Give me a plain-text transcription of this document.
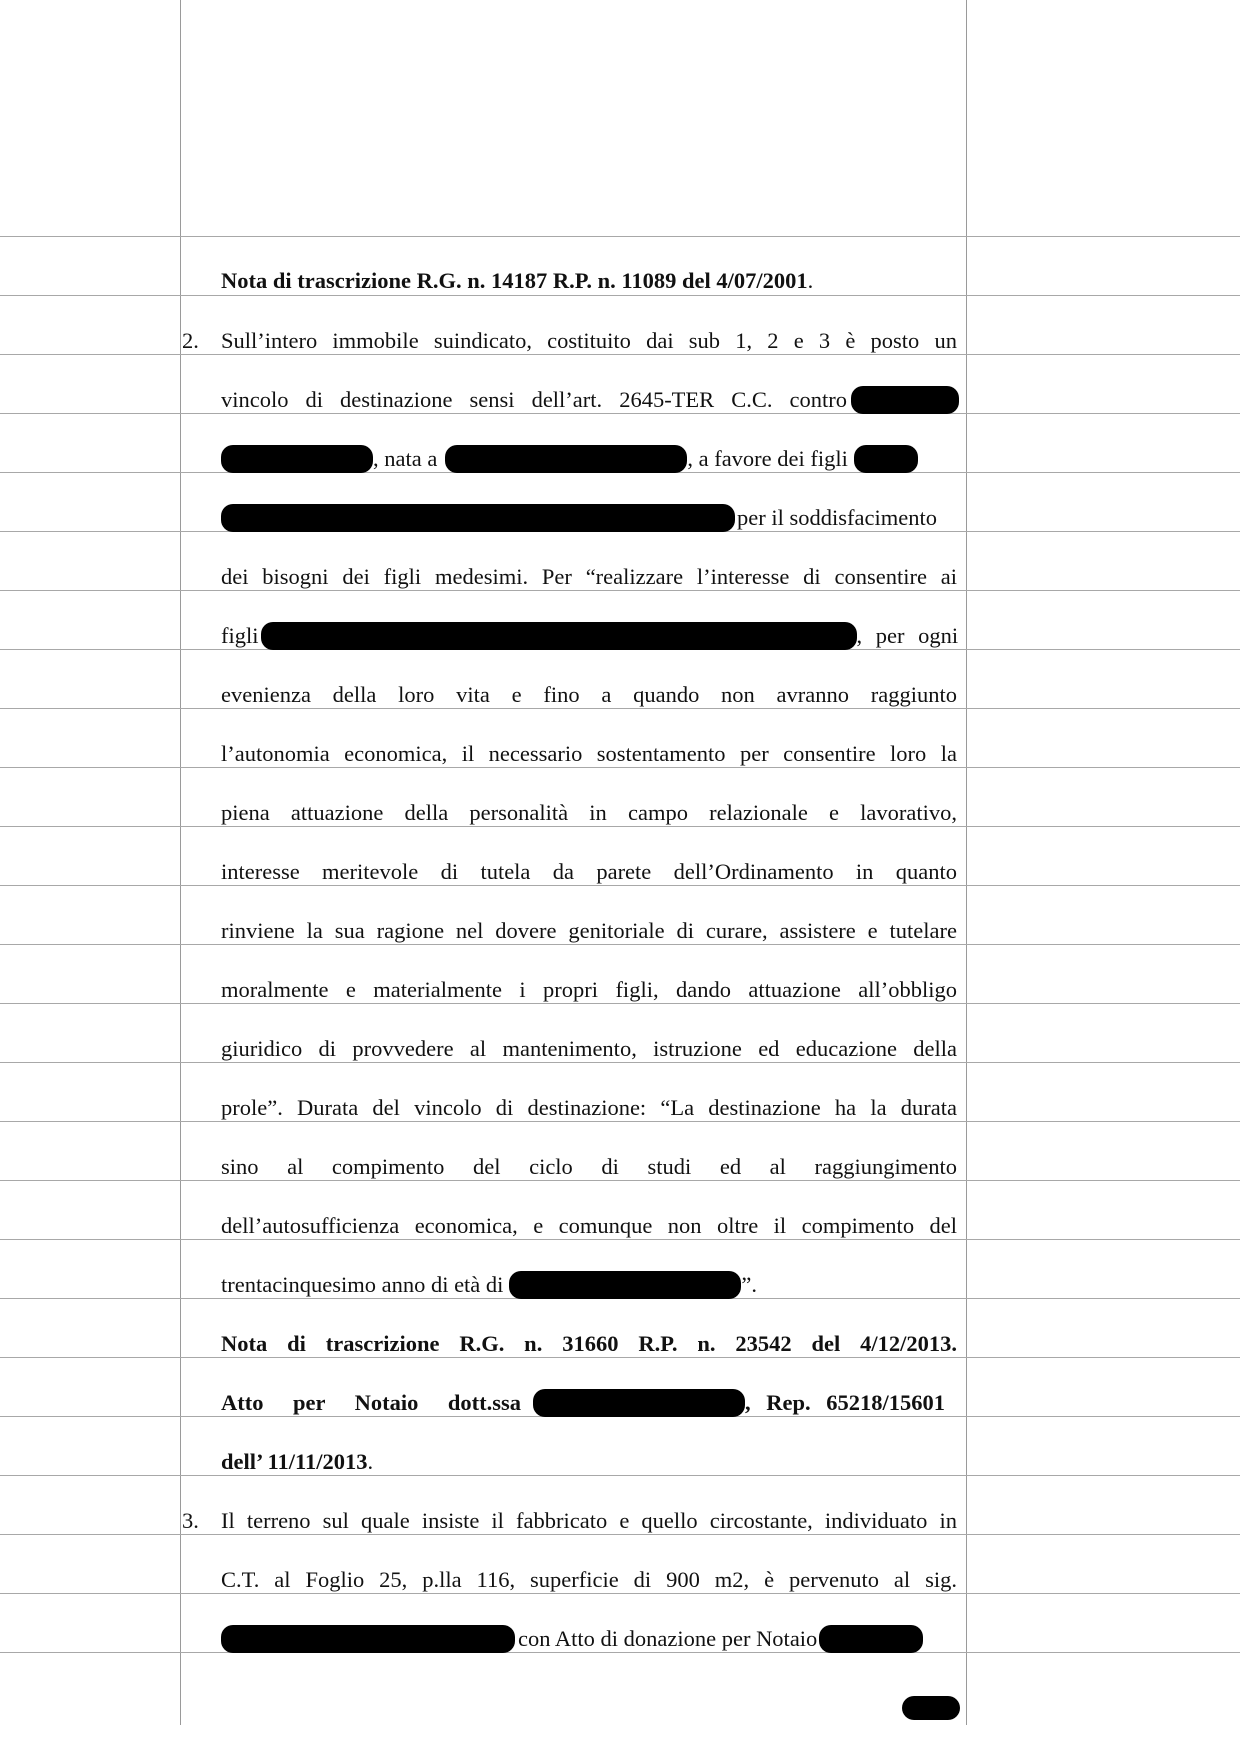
Nota di trascrizione R.G. n. 14187 R.P. n. 11089 del 4/07/2001.
2. Sull’intero immobile suindicato, costituito dai sub 1, 2 e 3 è posto un
vincolo di destinazione sensi dell’art. 2645-TER C.C. contro
, nata a	, a favore dei figli
per il soddisfacimento
dei bisogni dei figli medesimi. Per “realizzare l’interesse di consentire ai
figli	, per ogni
evenienza della loro vita e fino a quando non avranno raggiunto
l’autonomia economica, il necessario sostentamento per consentire loro la
piena attuazione della personalità in campo relazionale e lavorativo,
interesse meritevole di tutela da parete dell’Ordinamento in quanto
rinviene la sua ragione nel dovere genitoriale di curare, assistere e tutelare
moralmente e materialmente i propri figli, dando attuazione all’obbligo
giuridico di provvedere al mantenimento, istruzione ed educazione della
prole”. Durata del vincolo di destinazione: “La destinazione ha la durata
sino al compimento del ciclo di studi ed al raggiungimento
dell’autosufficienza economica, e comunque non oltre il compimento del
trentacinquesimo anno di età di	”.
Nota di trascrizione R.G. n. 31660 R.P. n. 23542 del 4/12/2013.
Atto per Notaio dott.ssa	, Rep. 65218/15601
dell’ 11/11/2013.
3. Il terreno sul quale insiste il fabbricato e quello circostante, individuato in
C.T. al Foglio 25, p.lla 116, superficie di 900 m2, è pervenuto al sig.
con Atto di donazione per Notaio
